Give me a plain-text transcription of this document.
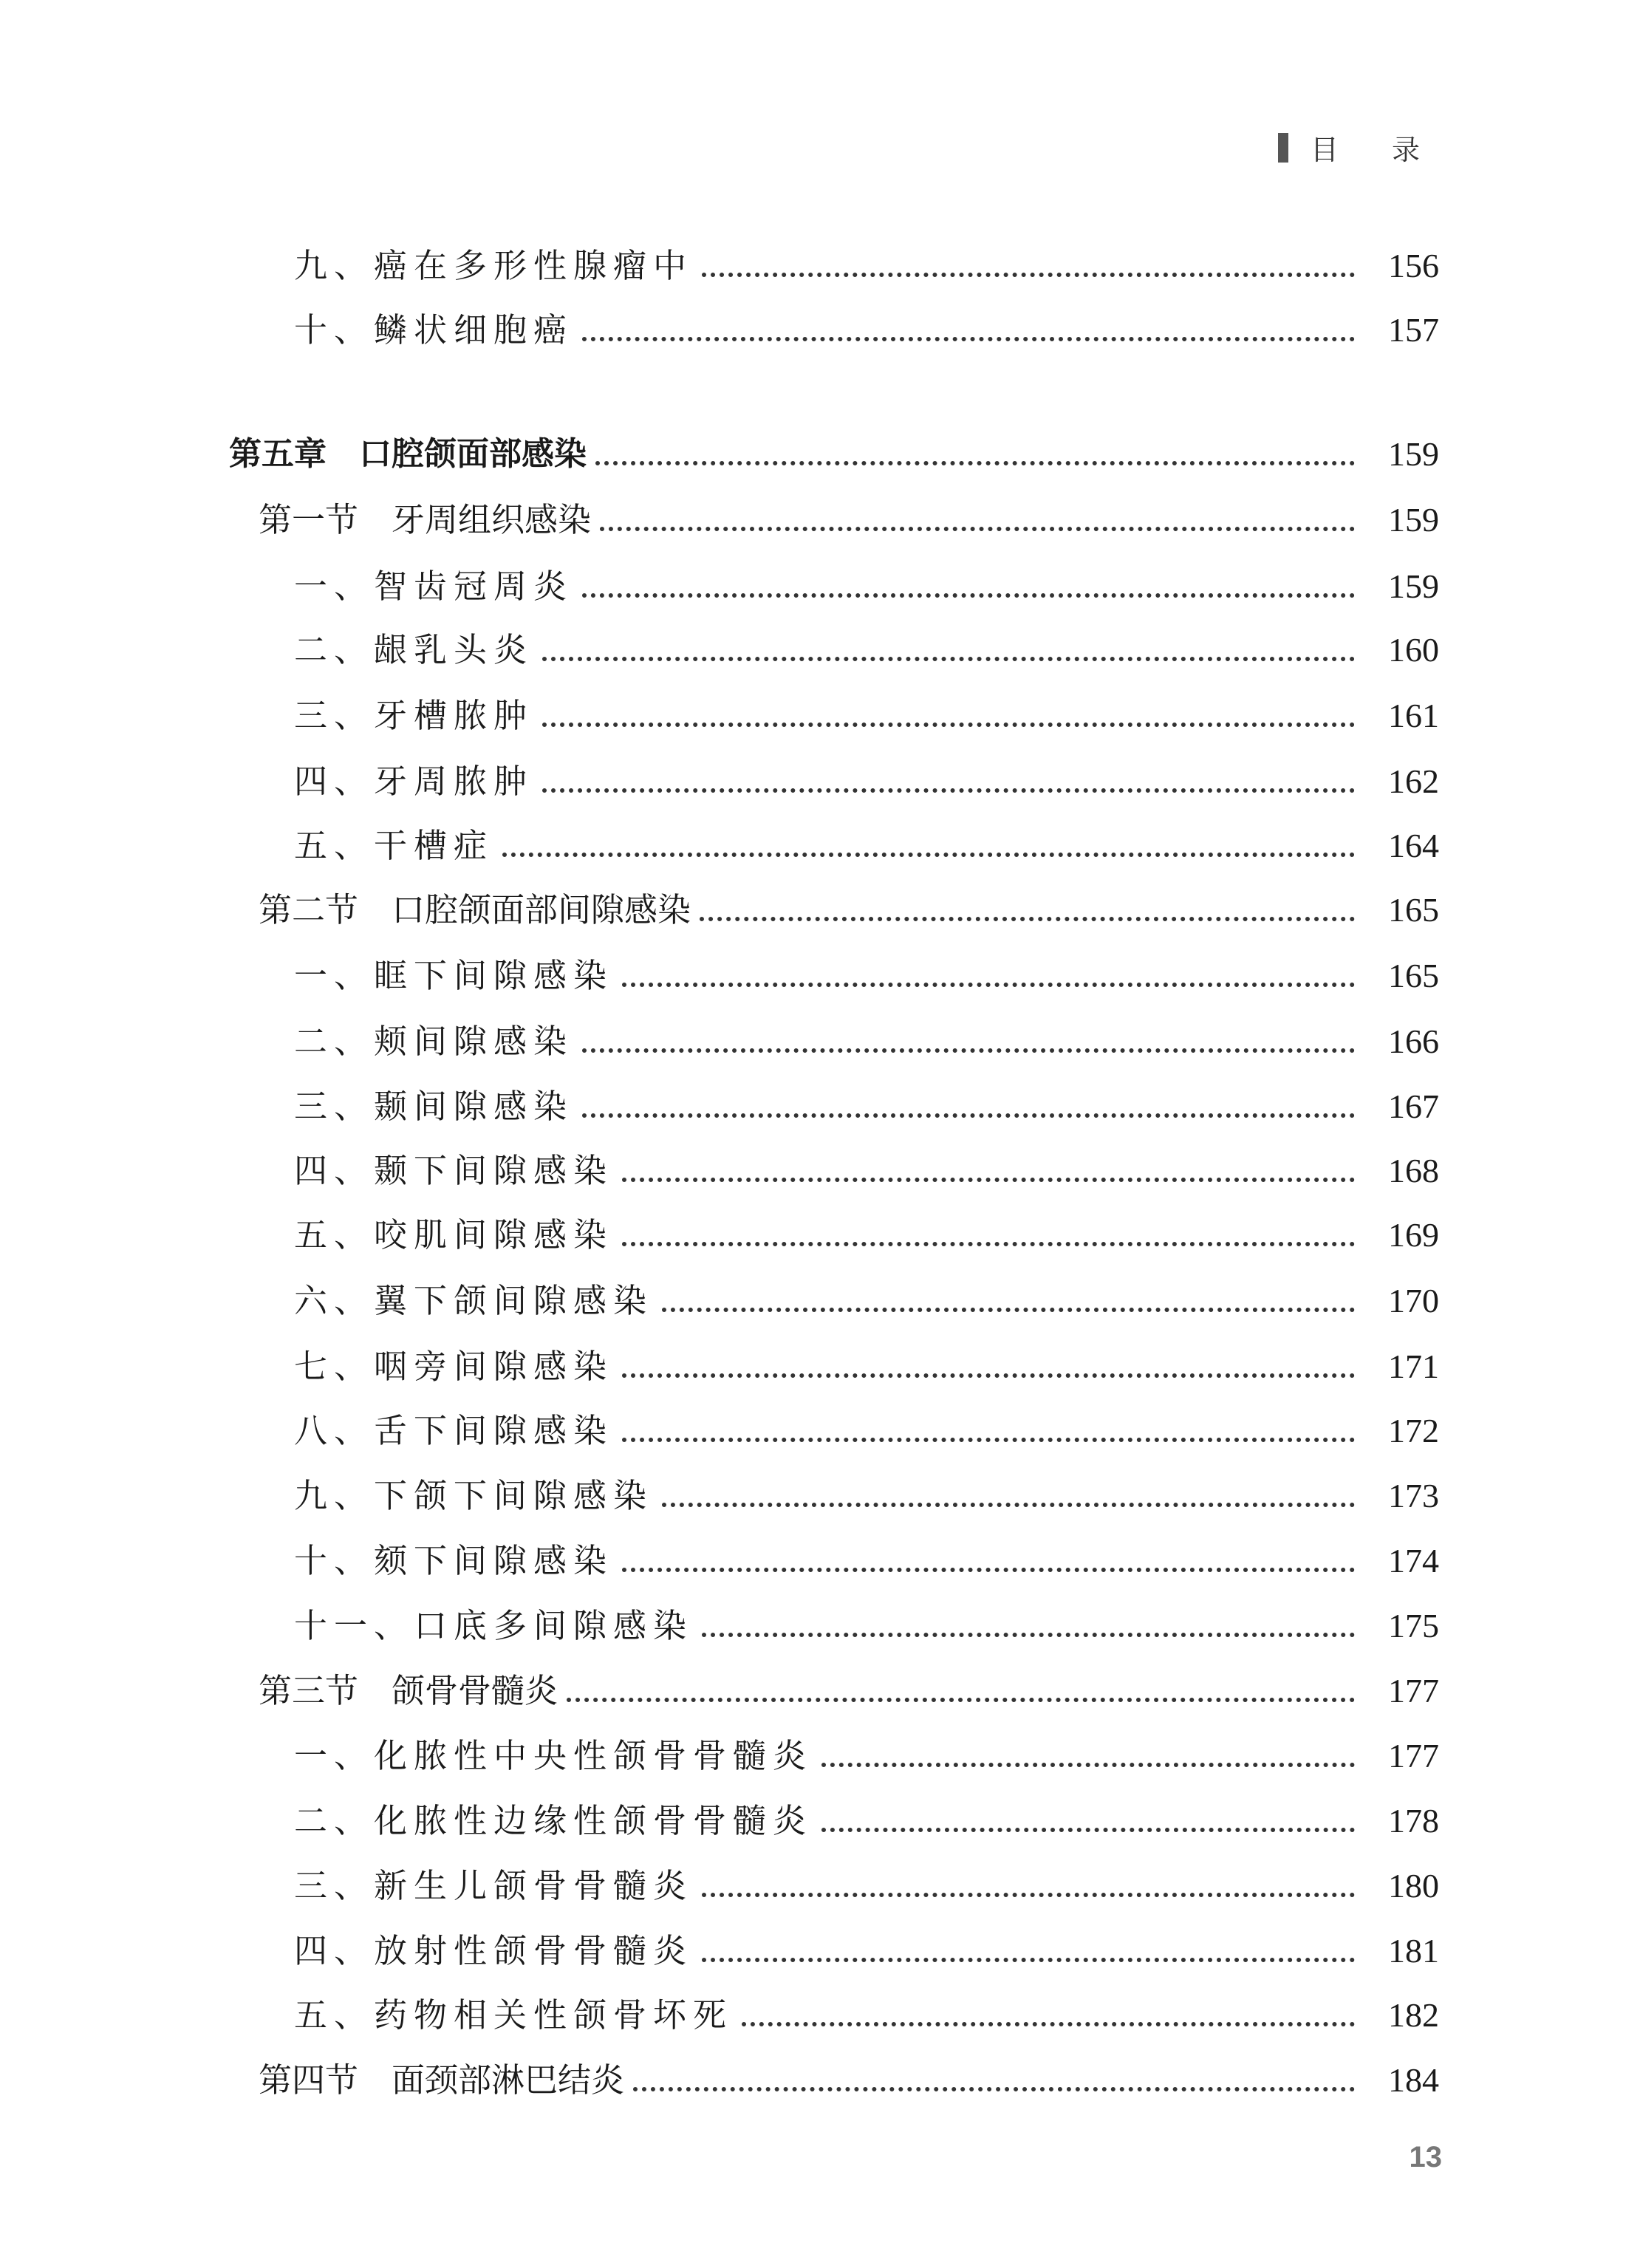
目 录
九、癌在多形性腺瘤中	156
十、鳞状细胞癌	157
第五章　口腔颌面部感染	159
第一节　牙周组织感染	159
一、智齿冠周炎	159
二、龈乳头炎	160
三、牙槽脓肿	161
四、牙周脓肿	162
五、干槽症	164
第二节　口腔颌面部间隙感染	165
一、眶下间隙感染	165
二、颊间隙感染	166
三、颞间隙感染	167
四、颞下间隙感染	168
五、咬肌间隙感染	169
六、翼下颌间隙感染	170
七、咽旁间隙感染	171
八、舌下间隙感染	172
九、下颌下间隙感染	173
十、颏下间隙感染	174
十一、口底多间隙感染	175
第三节　颌骨骨髓炎	177
一、化脓性中央性颌骨骨髓炎	177
二、化脓性边缘性颌骨骨髓炎	178
三、新生儿颌骨骨髓炎	180
四、放射性颌骨骨髓炎	181
五、药物相关性颌骨坏死	182
第四节　面颈部淋巴结炎	184
13
